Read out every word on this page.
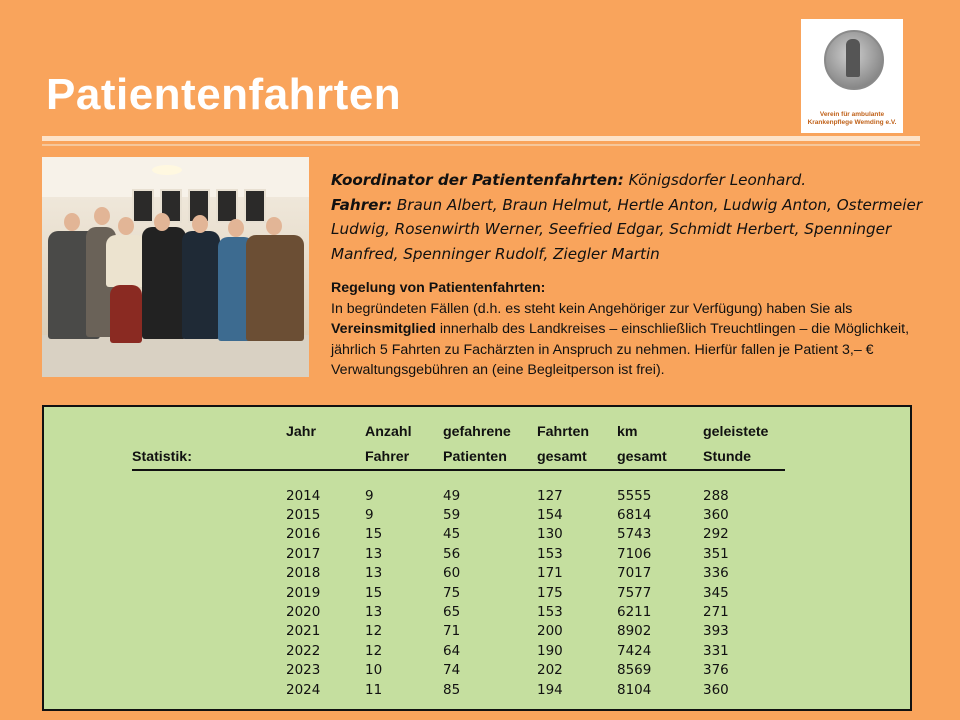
Patientenfahrten	Verein für ambulante
Krankenpflege Wemding e.V.
Koordinator der Patientenfahrten: Königsdorfer Leonhard.
Fahrer: Braun Albert, Braun Helmut, Hertle Anton, Ludwig Anton, Ostermeier Ludwig, Rosenwirth Werner, Seefried Edgar, Schmidt Herbert, Spenninger Manfred, Spenninger Rudolf, Ziegler Martin
Regelung von Patientenfahrten:
In begründeten Fällen (d.h. es steht kein Angehöriger zur Verfügung) haben Sie als Vereinsmitglied innerhalb des Landkreises – einschließlich Treuchtlingen – die Möglichkeit, jährlich 5 Fahrten zu Fachärzten in Anspruch zu nehmen. Hierfür fallen je Patient 3,– € Verwaltungsgebühren an (eine Begleitperson ist frei).
	Jahr	Anzahl	gefahrene	Fahrten	km	geleistete
Statistik:		Fahrer	Patienten	gesamt	gesamt	Stunde

	2014	9	49	127	5555	288
	2015	9	59	154	6814	360
	2016	15	45	130	5743	292
	2017	13	56	153	7106	351
	2018	13	60	171	7017	336
	2019	15	75	175	7577	345
	2020	13	65	153	6211	271
	2021	12	71	200	8902	393
	2022	12	64	190	7424	331
	2023	10	74	202	8569	376
	2024	11	85	194	8104	360
